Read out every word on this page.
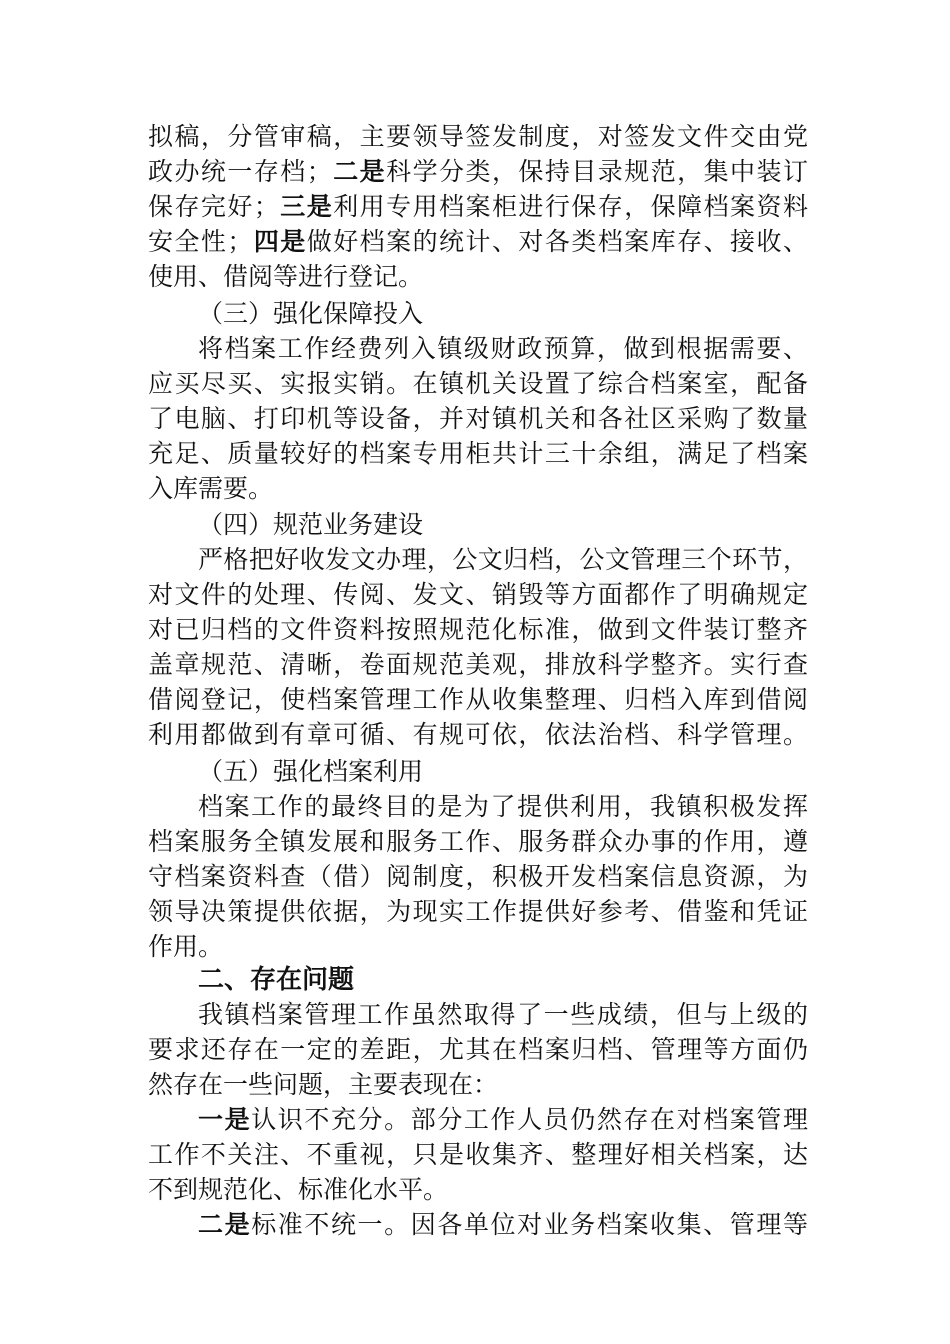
拟稿，分管审稿，主要领导签发制度，对签发文件交由党
政办统一存档；二是科学分类，保持目录规范，集中装订
保存完好；三是利用专用档案柜进行保存，保障档案资料
安全性；四是做好档案的统计、对各类档案库存、接收、
使用、借阅等进行登记。
（三）强化保障投入
将档案工作经费列入镇级财政预算，做到根据需要、
应买尽买、实报实销。在镇机关设置了综合档案室，配备
了电脑、打印机等设备，并对镇机关和各社区采购了数量
充足、质量较好的档案专用柜共计三十余组，满足了档案
入库需要。
（四）规范业务建设
严格把好收发文办理，公文归档，公文管理三个环节，
对文件的处理、传阅、发文、销毁等方面都作了明确规定
对已归档的文件资料按照规范化标准，做到文件装订整齐
盖章规范、清晰，卷面规范美观，排放科学整齐。实行查
借阅登记，使档案管理工作从收集整理、归档入库到借阅
利用都做到有章可循、有规可依，依法治档、科学管理。
（五）强化档案利用
档案工作的最终目的是为了提供利用，我镇积极发挥
档案服务全镇发展和服务工作、服务群众办事的作用，遵
守档案资料查（借）阅制度，积极开发档案信息资源，为
领导决策提供依据，为现实工作提供好参考、借鉴和凭证
作用。
二、存在问题
我镇档案管理工作虽然取得了一些成绩，但与上级的
要求还存在一定的差距，尤其在档案归档、管理等方面仍
然存在一些问题，主要表现在：
一是认识不充分。部分工作人员仍然存在对档案管理
工作不关注、不重视，只是收集齐、整理好相关档案，达
不到规范化、标准化水平。
二是标准不统一。因各单位对业务档案收集、管理等
